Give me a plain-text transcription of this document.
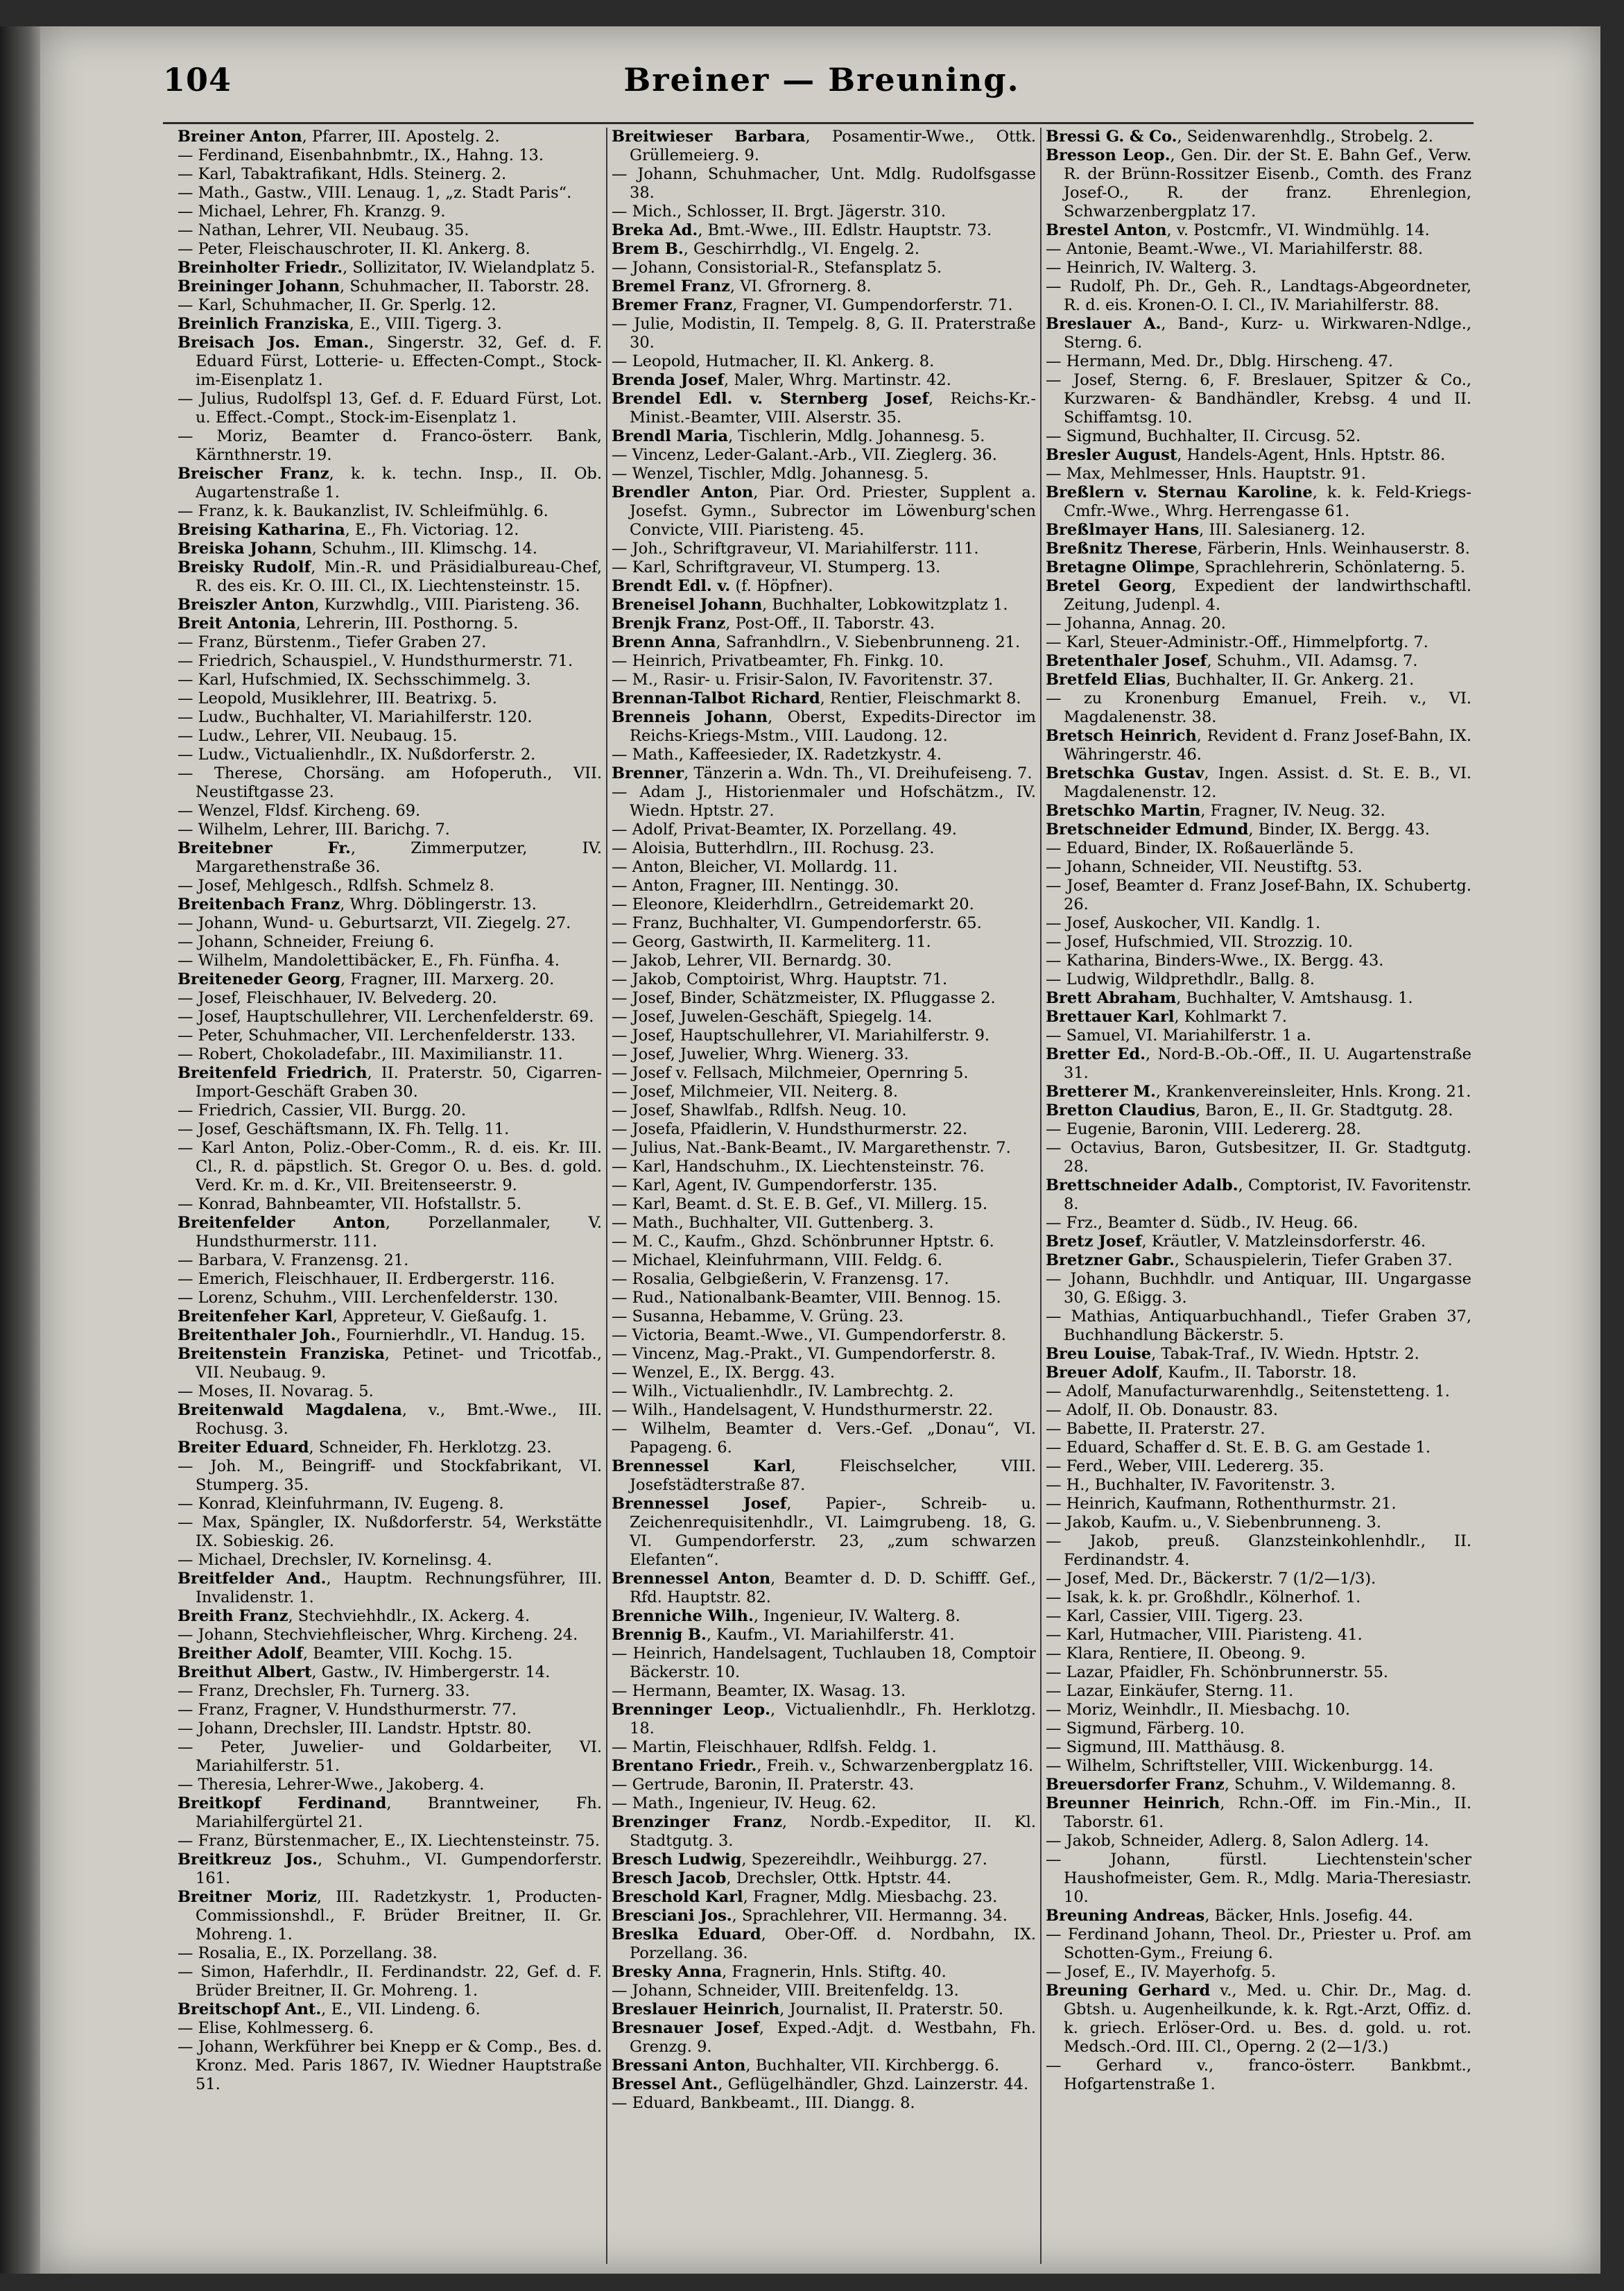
104	Breiner — Breuning.
Breiner Anton, Pfarrer, III. Apostelg. 2.
— Ferdinand, Eisenbahnbmtr., IX., Hahng. 13.
— Karl, Tabaktrafikant, Hdls. Steinerg. 2.
— Math., Gastw., VIII. Lenaug. 1, „z. Stadt Paris“.
— Michael, Lehrer, Fh. Kranzg. 9.
— Nathan, Lehrer, VII. Neubaug. 35.
— Peter, Fleischauschroter, II. Kl. Ankerg. 8.
Breinholter Friedr., Sollizitator, IV. Wielandplatz 5.
Breininger Johann, Schuhmacher, II. Taborstr. 28.
— Karl, Schuhmacher, II. Gr. Sperlg. 12.
Breinlich Franziska, E., VIII. Tigerg. 3.
Breisach Jos. Eman., Singerstr. 32, Gef. d. F. Eduard Fürst, Lotterie- u. Effecten-Compt., Stock-im-Eisenplatz 1.
— Julius, Rudolfspl 13, Gef. d. F. Eduard Fürst, Lot. u. Effect.-Compt., Stock-im-Eisenplatz 1.
— Moriz, Beamter d. Franco-österr. Bank, Kärnthnerstr. 19.
Breischer Franz, k. k. techn. Insp., II. Ob. Augartenstraße 1.
— Franz, k. k. Baukanzlist, IV. Schleifmühlg. 6.
Breising Katharina, E., Fh. Victoriag. 12.
Breiska Johann, Schuhm., III. Klimschg. 14.
Breisky Rudolf, Min.-R. und Präsidialbureau-Chef, R. des eis. Kr. O. III. Cl., IX. Liechtensteinstr. 15.
Breiszler Anton, Kurzwhdlg., VIII. Piaristeng. 36.
Breit Antonia, Lehrerin, III. Posthorng. 5.
— Franz, Bürstenm., Tiefer Graben 27.
— Friedrich, Schauspiel., V. Hundsthurmerstr. 71.
— Karl, Hufschmied, IX. Sechsschimmelg. 3.
— Leopold, Musiklehrer, III. Beatrixg. 5.
— Ludw., Buchhalter, VI. Mariahilferstr. 120.
— Ludw., Lehrer, VII. Neubaug. 15.
— Ludw., Victualienhdlr., IX. Nußdorferstr. 2.
— Therese, Chorsäng. am Hofoperuth., VII. Neustiftgasse 23.
— Wenzel, Fldsf. Kircheng. 69.
— Wilhelm, Lehrer, III. Barichg. 7.
Breitebner Fr., Zimmerputzer, IV. Margarethenstraße 36.
— Josef, Mehlgesch., Rdlfsh. Schmelz 8.
Breitenbach Franz, Whrg. Döblingerstr. 13.
— Johann, Wund- u. Geburtsarzt, VII. Ziegelg. 27.
— Johann, Schneider, Freiung 6.
— Wilhelm, Mandolettibäcker, E., Fh. Fünfha. 4.
Breiteneder Georg, Fragner, III. Marxerg. 20.
— Josef, Fleischhauer, IV. Belvederg. 20.
— Josef, Hauptschullehrer, VII. Lerchenfelderstr. 69.
— Peter, Schuhmacher, VII. Lerchenfelderstr. 133.
— Robert, Chokoladefabr., III. Maximilianstr. 11.
Breitenfeld Friedrich, II. Praterstr. 50, Cigarren-Import-Geschäft Graben 30.
— Friedrich, Cassier, VII. Burgg. 20.
— Josef, Geschäftsmann, IX. Fh. Tellg. 11.
— Karl Anton, Poliz.-Ober-Comm., R. d. eis. Kr. III. Cl., R. d. päpstlich. St. Gregor O. u. Bes. d. gold. Verd. Kr. m. d. Kr., VII. Breitenseerstr. 9.
— Konrad, Bahnbeamter, VII. Hofstallstr. 5.
Breitenfelder Anton, Porzellanmaler, V. Hundsthurmerstr. 111.
— Barbara, V. Franzensg. 21.
— Emerich, Fleischhauer, II. Erdbergerstr. 116.
— Lorenz, Schuhm., VIII. Lerchenfelderstr. 130.
Breitenfeher Karl, Appreteur, V. Gießaufg. 1.
Breitenthaler Joh., Fournierhdlr., VI. Handug. 15.
Breitenstein Franziska, Petinet- und Tricotfab., VII. Neubaug. 9.
— Moses, II. Novarag. 5.
Breitenwald Magdalena, v., Bmt.-Wwe., III. Rochusg. 3.
Breiter Eduard, Schneider, Fh. Herklotzg. 23.
— Joh. M., Beingriff- und Stockfabrikant, VI. Stumperg. 35.
— Konrad, Kleinfuhrmann, IV. Eugeng. 8.
— Max, Spängler, IX. Nußdorferstr. 54, Werkstätte IX. Sobieskig. 26.
— Michael, Drechsler, IV. Kornelinsg. 4.
Breitfelder And., Hauptm. Rechnungsführer, III. Invalidenstr. 1.
Breith Franz, Stechviehhdlr., IX. Ackerg. 4.
— Johann, Stechviehfleischer, Whrg. Kircheng. 24.
Breither Adolf, Beamter, VIII. Kochg. 15.
Breithut Albert, Gastw., IV. Himbergerstr. 14.
— Franz, Drechsler, Fh. Turnerg. 33.
— Franz, Fragner, V. Hundsthurmerstr. 77.
— Johann, Drechsler, III. Landstr. Hptstr. 80.
— Peter, Juwelier- und Goldarbeiter, VI. Mariahilferstr. 51.
— Theresia, Lehrer-Wwe., Jakoberg. 4.
Breitkopf Ferdinand, Branntweiner, Fh. Mariahilfergürtel 21.
— Franz, Bürstenmacher, E., IX. Liechtensteinstr. 75.
Breitkreuz Jos., Schuhm., VI. Gumpendorferstr. 161.
Breitner Moriz, III. Radetzkystr. 1, Producten-Commissionshdl., F. Brüder Breitner, II. Gr. Mohreng. 1.
— Rosalia, E., IX. Porzellang. 38.
— Simon, Haferhdlr., II. Ferdinandstr. 22, Gef. d. F. Brüder Breitner, II. Gr. Mohreng. 1.
Breitschopf Ant., E., VII. Lindeng. 6.
— Elise, Kohlmesserg. 6.
— Johann, Werkführer bei Knepp er & Comp., Bes. d. Kronz. Med. Paris 1867, IV. Wiedner Hauptstraße 51.
Breitwieser Barbara, Posamentir-Wwe., Ottk. Grüllemeierg. 9.
— Johann, Schuhmacher, Unt. Mdlg. Rudolfsgasse 38.
— Mich., Schlosser, II. Brgt. Jägerstr. 310.
Breka Ad., Bmt.-Wwe., III. Edlstr. Hauptstr. 73.
Brem B., Geschirrhdlg., VI. Engelg. 2.
— Johann, Consistorial-R., Stefansplatz 5.
Bremel Franz, VI. Gfrornerg. 8.
Bremer Franz, Fragner, VI. Gumpendorferstr. 71.
— Julie, Modistin, II. Tempelg. 8, G. II. Praterstraße 30.
— Leopold, Hutmacher, II. Kl. Ankerg. 8.
Brenda Josef, Maler, Whrg. Martinstr. 42.
Brendel Edl. v. Sternberg Josef, Reichs-Kr.-Minist.-Beamter, VIII. Alserstr. 35.
Brendl Maria, Tischlerin, Mdlg. Johannesg. 5.
— Vincenz, Leder-Galant.-Arb., VII. Zieglerg. 36.
— Wenzel, Tischler, Mdlg. Johannesg. 5.
Brendler Anton, Piar. Ord. Priester, Supplent a. Josefst. Gymn., Subrector im Löwenburg'schen Convicte, VIII. Piaristeng. 45.
— Joh., Schriftgraveur, VI. Mariahilferstr. 111.
— Karl, Schriftgraveur, VI. Stumperg. 13.
Brendt Edl. v. (f. Höpfner).
Breneisel Johann, Buchhalter, Lobkowitzplatz 1.
Brenjk Franz, Post-Off., II. Taborstr. 43.
Brenn Anna, Safranhdlrn., V. Siebenbrunneng. 21.
— Heinrich, Privatbeamter, Fh. Finkg. 10.
— M., Rasir- u. Frisir-Salon, IV. Favoritenstr. 37.
Brennan-Talbot Richard, Rentier, Fleischmarkt 8.
Brenneis Johann, Oberst, Expedits-Director im Reichs-Kriegs-Mstm., VIII. Laudong. 12.
— Math., Kaffeesieder, IX. Radetzkystr. 4.
Brenner, Tänzerin a. Wdn. Th., VI. Dreihufeiseng. 7.
— Adam J., Historienmaler und Hofschätzm., IV. Wiedn. Hptstr. 27.
— Adolf, Privat-Beamter, IX. Porzellang. 49.
— Aloisia, Butterhdlrn., III. Rochusg. 23.
— Anton, Bleicher, VI. Mollardg. 11.
— Anton, Fragner, III. Nentingg. 30.
— Eleonore, Kleiderhdlrn., Getreidemarkt 20.
— Franz, Buchhalter, VI. Gumpendorferstr. 65.
— Georg, Gastwirth, II. Karmeliterg. 11.
— Jakob, Lehrer, VII. Bernardg. 30.
— Jakob, Comptoirist, Whrg. Hauptstr. 71.
— Josef, Binder, Schätzmeister, IX. Pfluggasse 2.
— Josef, Juwelen-Geschäft, Spiegelg. 14.
— Josef, Hauptschullehrer, VI. Mariahilferstr. 9.
— Josef, Juwelier, Whrg. Wienerg. 33.
— Josef v. Fellsach, Milchmeier, Opernring 5.
— Josef, Milchmeier, VII. Neiterg. 8.
— Josef, Shawlfab., Rdlfsh. Neug. 10.
— Josefa, Pfaidlerin, V. Hundsthurmerstr. 22.
— Julius, Nat.-Bank-Beamt., IV. Margarethenstr. 7.
— Karl, Handschuhm., IX. Liechtensteinstr. 76.
— Karl, Agent, IV. Gumpendorferstr. 135.
— Karl, Beamt. d. St. E. B. Gef., VI. Millerg. 15.
— Math., Buchhalter, VII. Guttenberg. 3.
— M. C., Kaufm., Ghzd. Schönbrunner Hptstr. 6.
— Michael, Kleinfuhrmann, VIII. Feldg. 6.
— Rosalia, Gelbgießerin, V. Franzensg. 17.
— Rud., Nationalbank-Beamter, VIII. Bennog. 15.
— Susanna, Hebamme, V. Grüng. 23.
— Victoria, Beamt.-Wwe., VI. Gumpendorferstr. 8.
— Vincenz, Mag.-Prakt., VI. Gumpendorferstr. 8.
— Wenzel, E., IX. Bergg. 43.
— Wilh., Victualienhdlr., IV. Lambrechtg. 2.
— Wilh., Handelsagent, V. Hundsthurmerstr. 22.
— Wilhelm, Beamter d. Vers.-Gef. „Donau“, VI. Papageng. 6.
Brennessel Karl, Fleischselcher, VIII. Josefstädterstraße 87.
Brennessel Josef, Papier-, Schreib- u. Zeichenrequisitenhdlr., VI. Laimgrubeng. 18, G. VI. Gumpendorferstr. 23, „zum schwarzen Elefanten“.
Brennessel Anton, Beamter d. D. D. Schifff. Gef., Rfd. Hauptstr. 82.
Brenniche Wilh., Ingenieur, IV. Walterg. 8.
Brennig B., Kaufm., VI. Mariahilferstr. 41.
— Heinrich, Handelsagent, Tuchlauben 18, Comptoir Bäckerstr. 10.
— Hermann, Beamter, IX. Wasag. 13.
Brenninger Leop., Victualienhdlr., Fh. Herklotzg. 18.
— Martin, Fleischhauer, Rdlfsh. Feldg. 1.
Brentano Friedr., Freih. v., Schwarzenbergplatz 16.
— Gertrude, Baronin, II. Praterstr. 43.
— Math., Ingenieur, IV. Heug. 62.
Brenzinger Franz, Nordb.-Expeditor, II. Kl. Stadtgutg. 3.
Bresch Ludwig, Spezereihdlr., Weihburgg. 27.
Bresch Jacob, Drechsler, Ottk. Hptstr. 44.
Breschold Karl, Fragner, Mdlg. Miesbachg. 23.
Bresciani Jos., Sprachlehrer, VII. Hermanng. 34.
Breslka Eduard, Ober-Off. d. Nordbahn, IX. Porzellang. 36.
Bresky Anna, Fragnerin, Hnls. Stiftg. 40.
— Johann, Schneider, VIII. Breitenfeldg. 13.
Breslauer Heinrich, Journalist, II. Praterstr. 50.
Bresnauer Josef, Exped.-Adjt. d. Westbahn, Fh. Grenzg. 9.
Bressani Anton, Buchhalter, VII. Kirchbergg. 6.
Bressel Ant., Geflügelhändler, Ghzd. Lainzerstr. 44.
— Eduard, Bankbeamt., III. Diangg. 8.
Bressi G. & Co., Seidenwarenhdlg., Strobelg. 2.
Bresson Leop., Gen. Dir. der St. E. Bahn Gef., Verw. R. der Brünn-Rossitzer Eisenb., Comth. des Franz Josef-O., R. der franz. Ehrenlegion, Schwarzenbergplatz 17.
Brestel Anton, v. Postcmfr., VI. Windmühlg. 14.
— Antonie, Beamt.-Wwe., VI. Mariahilferstr. 88.
— Heinrich, IV. Walterg. 3.
— Rudolf, Ph. Dr., Geh. R., Landtags-Abgeordneter, R. d. eis. Kronen-O. I. Cl., IV. Mariahilferstr. 88.
Breslauer A., Band-, Kurz- u. Wirkwaren-Ndlge., Sterng. 6.
— Hermann, Med. Dr., Dblg. Hirscheng. 47.
— Josef, Sterng. 6, F. Breslauer, Spitzer & Co., Kurzwaren- & Bandhändler, Krebsg. 4 und II. Schiffamtsg. 10.
— Sigmund, Buchhalter, II. Circusg. 52.
Bresler August, Handels-Agent, Hnls. Hptstr. 86.
— Max, Mehlmesser, Hnls. Hauptstr. 91.
Breßlern v. Sternau Karoline, k. k. Feld-Kriegs-Cmfr.-Wwe., Whrg. Herrengasse 61.
Breßlmayer Hans, III. Salesianerg. 12.
Breßnitz Therese, Färberin, Hnls. Weinhauserstr. 8.
Bretagne Olimpe, Sprachlehrerin, Schönlaterng. 5.
Bretel Georg, Expedient der landwirthschaftl. Zeitung, Judenpl. 4.
— Johanna, Annag. 20.
— Karl, Steuer-Administr.-Off., Himmelpfortg. 7.
Bretenthaler Josef, Schuhm., VII. Adamsg. 7.
Bretfeld Elias, Buchhalter, II. Gr. Ankerg. 21.
— zu Kronenburg Emanuel, Freih. v., VI. Magdalenenstr. 38.
Bretsch Heinrich, Revident d. Franz Josef-Bahn, IX. Währingerstr. 46.
Bretschka Gustav, Ingen. Assist. d. St. E. B., VI. Magdalenenstr. 12.
Bretschko Martin, Fragner, IV. Neug. 32.
Bretschneider Edmund, Binder, IX. Bergg. 43.
— Eduard, Binder, IX. Roßauerlände 5.
— Johann, Schneider, VII. Neustiftg. 53.
— Josef, Beamter d. Franz Josef-Bahn, IX. Schubertg. 26.
— Josef, Auskocher, VII. Kandlg. 1.
— Josef, Hufschmied, VII. Strozzig. 10.
— Katharina, Binders-Wwe., IX. Bergg. 43.
— Ludwig, Wildprethdlr., Ballg. 8.
Brett Abraham, Buchhalter, V. Amtshausg. 1.
Brettauer Karl, Kohlmarkt 7.
— Samuel, VI. Mariahilferstr. 1 a.
Bretter Ed., Nord-B.-Ob.-Off., II. U. Augartenstraße 31.
Bretterer M., Krankenvereinsleiter, Hnls. Krong. 21.
Bretton Claudius, Baron, E., II. Gr. Stadtgutg. 28.
— Eugenie, Baronin, VIII. Ledererg. 28.
— Octavius, Baron, Gutsbesitzer, II. Gr. Stadtgutg. 28.
Brettschneider Adalb., Comptorist, IV. Favoritenstr. 8.
— Frz., Beamter d. Südb., IV. Heug. 66.
Bretz Josef, Kräutler, V. Matzleinsdorferstr. 46.
Bretzner Gabr., Schauspielerin, Tiefer Graben 37.
— Johann, Buchhdlr. und Antiquar, III. Ungargasse 30, G. Eßigg. 3.
— Mathias, Antiquarbuchhandl., Tiefer Graben 37, Buchhandlung Bäckerstr. 5.
Breu Louise, Tabak-Traf., IV. Wiedn. Hptstr. 2.
Breuer Adolf, Kaufm., II. Taborstr. 18.
— Adolf, Manufacturwarenhdlg., Seitenstetteng. 1.
— Adolf, II. Ob. Donaustr. 83.
— Babette, II. Praterstr. 27.
— Eduard, Schaffer d. St. E. B. G. am Gestade 1.
— Ferd., Weber, VIII. Ledererg. 35.
— H., Buchhalter, IV. Favoritenstr. 3.
— Heinrich, Kaufmann, Rothenthurmstr. 21.
— Jakob, Kaufm. u., V. Siebenbrunneng. 3.
— Jakob, preuß. Glanzsteinkohlenhdlr., II. Ferdinandstr. 4.
— Josef, Med. Dr., Bäckerstr. 7 (1/2—1/3).
— Isak, k. k. pr. Großhdlr., Kölnerhof. 1.
— Karl, Cassier, VIII. Tigerg. 23.
— Karl, Hutmacher, VIII. Piaristeng. 41.
— Klara, Rentiere, II. Obeong. 9.
— Lazar, Pfaidler, Fh. Schönbrunnerstr. 55.
— Lazar, Einkäufer, Sterng. 11.
— Moriz, Weinhdlr., II. Miesbachg. 10.
— Sigmund, Färberg. 10.
— Sigmund, III. Matthäusg. 8.
— Wilhelm, Schriftsteller, VIII. Wickenburgg. 14.
Breuersdorfer Franz, Schuhm., V. Wildemanng. 8.
Breunner Heinrich, Rchn.-Off. im Fin.-Min., II. Taborstr. 61.
— Jakob, Schneider, Adlerg. 8, Salon Adlerg. 14.
— Johann, fürstl. Liechtenstein'scher Haushofmeister, Gem. R., Mdlg. Maria-Theresiastr. 10.
Breuning Andreas, Bäcker, Hnls. Josefig. 44.
— Ferdinand Johann, Theol. Dr., Priester u. Prof. am Schotten-Gym., Freiung 6.
— Josef, E., IV. Mayerhofg. 5.
Breuning Gerhard v., Med. u. Chir. Dr., Mag. d. Gbtsh. u. Augenheilkunde, k. k. Rgt.-Arzt, Offiz. d. k. griech. Erlöser-Ord. u. Bes. d. gold. u. rot. Medsch.-Ord. III. Cl., Operng. 2 (2—1/3.)
— Gerhard v., franco-österr. Bankbmt., Hofgartenstraße 1.
